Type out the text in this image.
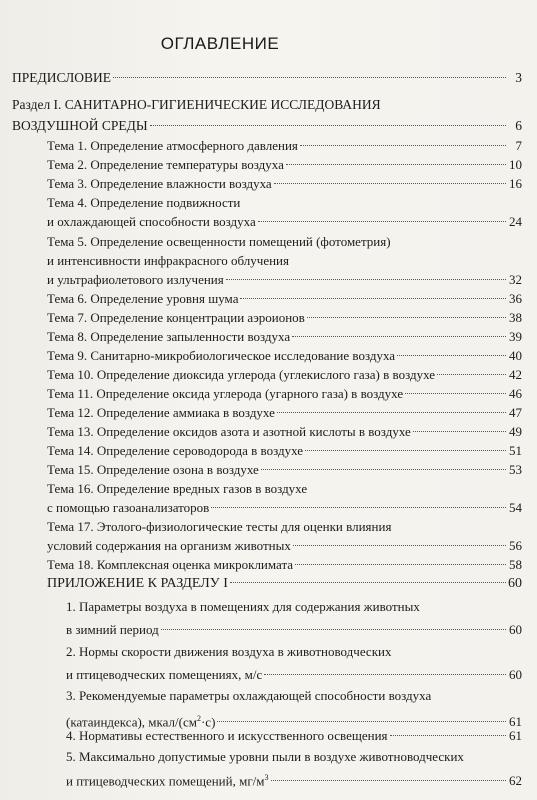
ОГЛАВЛЕНИЕ
ПРЕДИСЛОВИЕ	3
Раздел I. САНИТАРНО-ГИГИЕНИЧЕСКИЕ ИССЛЕДОВАНИЯ
ВОЗДУШНОЙ СРЕДЫ	6
Тема 1. Определение атмосферного давления	7
Тема 2. Определение температуры воздуха	10
Тема 3. Определение влажности воздуха	16
Тема 4. Определение подвижности
и охлаждающей способности воздуха	24
Тема 5. Определение освещенности помещений (фотометрия)
и интенсивности инфракрасного облучения
и ультрафиолетового излучения	32
Тема 6. Определение уровня шума	36
Тема 7. Определение концентрации аэроионов	38
Тема 8. Определение запыленности воздуха	39
Тема 9. Санитарно-микробиологическое исследование воздуха	40
Тема 10. Определение диоксида углерода (углекислого газа) в воздухе	42
Тема 11. Определение оксида углерода (угарного газа) в воздухе	46
Тема 12. Определение аммиака в воздухе	47
Тема 13. Определение оксидов азота и азотной кислоты в воздухе	49
Тема 14. Определение сероводорода в воздухе	51
Тема 15. Определение озона в воздухе	53
Тема 16. Определение вредных газов в воздухе
с помощью газоанализаторов	54
Тема 17. Этолого-физиологические тесты для оценки влияния
условий содержания на организм животных	56
Тема 18. Комплексная оценка микроклимата	58
ПРИЛОЖЕНИЕ К РАЗДЕЛУ I	60
1. Параметры воздуха в помещениях для содержания животных
в зимний период	60
2. Нормы скорости движения воздуха в животноводческих
и птицеводческих помещениях, м/с	60
3. Рекомендуемые параметры охлаждающей способности воздуха
(катаиндекса), мкал/$(см^2\cdot с)$	61
4. Нормативы естественного и искусственного освещения	61
5. Максимально допустимые уровни пыли в воздухе животноводческих
и птицеводческих помещений, $мг/м^3$	62
